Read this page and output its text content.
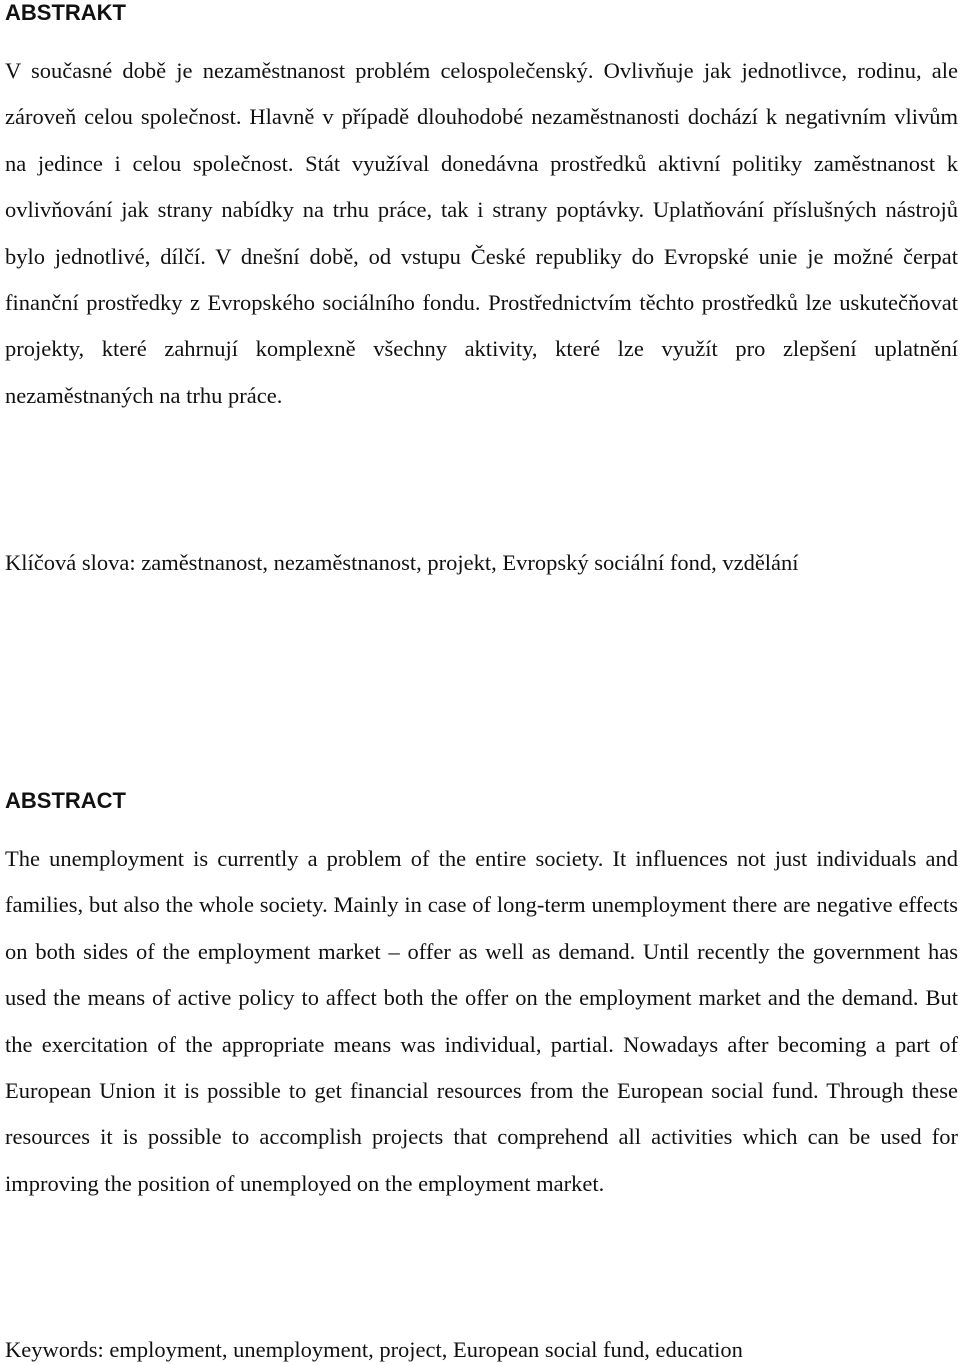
ABSTRAKT

V současné době je nezaměstnanost problém celospolečenský. Ovlivňuje jak jednotlivce, rodinu, ale zároveň celou společnost. Hlavně v případě dlouhodobé nezaměstnanosti dochází k negativním vlivům na jedince i celou společnost. Stát využíval donedávna prostředků aktivní politiky zaměstnanost k ovlivňování jak strany nabídky na trhu práce, tak i strany poptávky. Uplatňování příslušných nástrojů bylo jednotlivé, dílčí. V dnešní době, od vstupu České republiky do Evropské unie je možné čerpat finanční prostředky z Evropského sociálního fondu. Prostřednictvím těchto prostředků lze uskutečňovat projekty, které zahrnují komplexně všechny aktivity, které lze využít pro zlepšení uplatnění nezaměstnaných na trhu práce.

Klíčová slova: zaměstnanost, nezaměstnanost, projekt, Evropský sociální fond, vzdělání

ABSTRACT

The unemployment is currently a problem of the entire society. It influences not just individuals and families, but also the whole society. Mainly in case of long-term unemployment there are negative effects on both sides of the employment market – offer as well as demand. Until recently the government has used the means of active policy to affect both the offer on the employment market and the demand. But the exercitation of the appropriate means was individual, partial. Nowadays after becoming a part of European Union it is possible to get financial resources from the European social fund. Through these resources it is possible to accomplish projects that comprehend all activities which can be used for improving the position of unemployed on the employment market.

Keywords: employment, unemployment, project, European social fund, education
